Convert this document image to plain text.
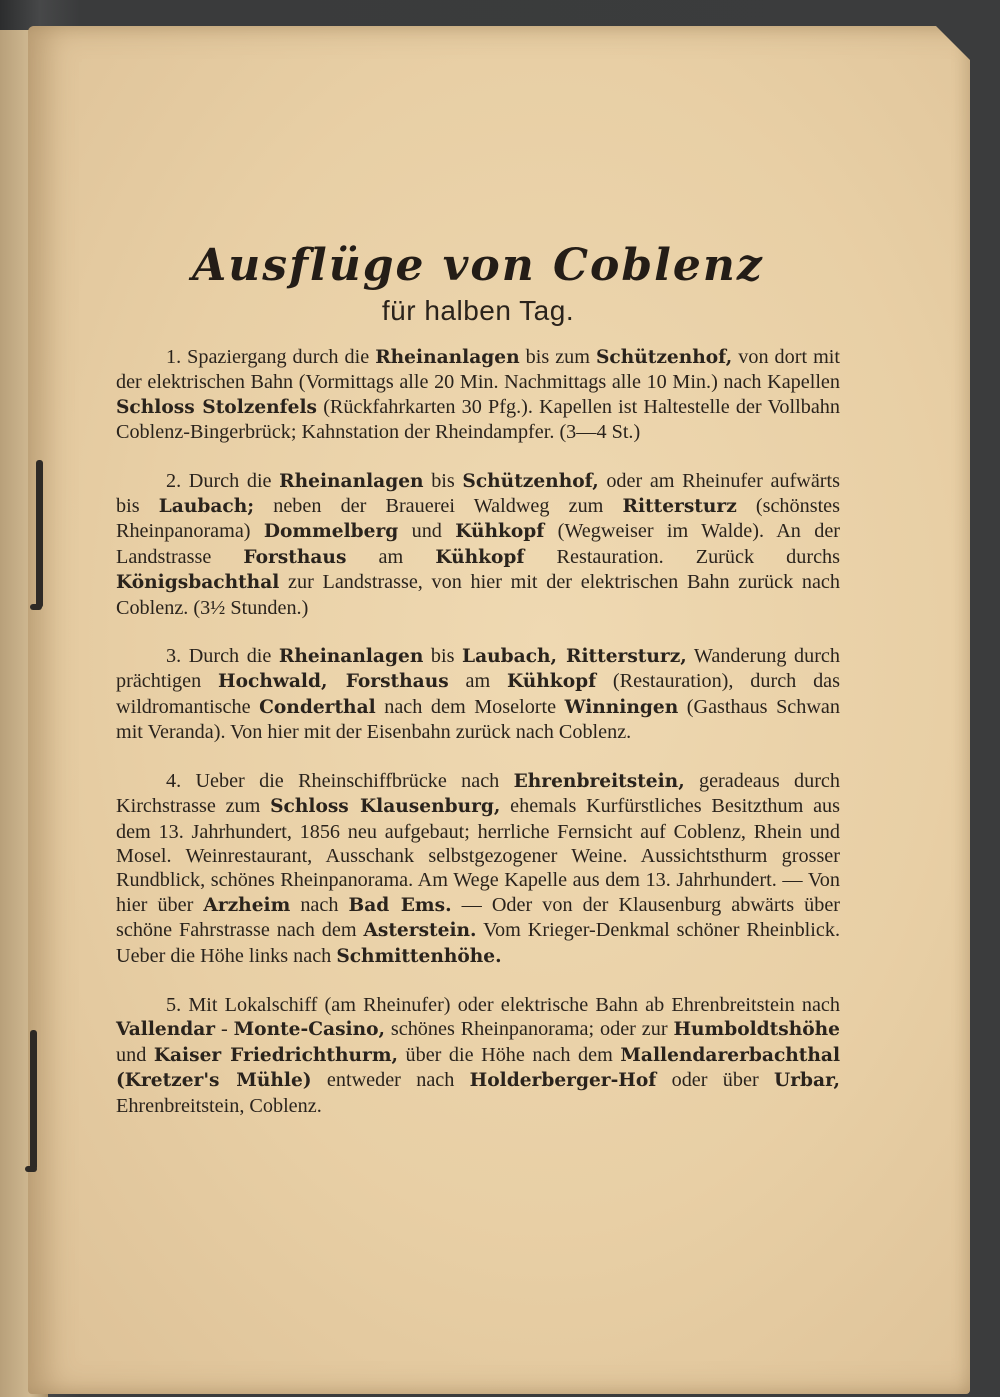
Ausflüge von Coblenz
für halben Tag.

1. Spaziergang durch die Rheinanlagen bis zum Schützenhof, von dort mit der elektrischen Bahn (Vormittags alle 20 Min. Nachmittags alle 10 Min.) nach Kapellen Schloss Stolzenfels (Rückfahrkarten 30 Pfg.). Kapellen ist Haltestelle der Vollbahn Coblenz-Bingerbrück; Kahnstation der Rheindampfer. (3—4 St.)

2. Durch die Rheinanlagen bis Schützenhof, oder am Rheinufer aufwärts bis Laubach; neben der Brauerei Waldweg zum Rittersturz (schönstes Rheinpanorama) Dommelberg und Kühkopf (Wegweiser im Walde). An der Landstrasse Forsthaus am Kühkopf Restauration. Zurück durchs Königsbachthal zur Landstrasse, von hier mit der elektrischen Bahn zurück nach Coblenz. (3½ Stunden.)

3. Durch die Rheinanlagen bis Laubach, Rittersturz, Wanderung durch prächtigen Hochwald, Forsthaus am Kühkopf (Restauration), durch das wildromantische Conderthal nach dem Moselorte Winningen (Gasthaus Schwan mit Veranda). Von hier mit der Eisenbahn zurück nach Coblenz.

4. Ueber die Rheinschiffbrücke nach Ehrenbreitstein, geradeaus durch Kirchstrasse zum Schloss Klausenburg, ehemals Kurfürstliches Besitzthum aus dem 13. Jahrhundert, 1856 neu aufgebaut; herrliche Fernsicht auf Coblenz, Rhein und Mosel. Weinrestaurant, Ausschank selbstgezogener Weine. Aussichtsthurm grosser Rundblick, schönes Rheinpanorama. Am Wege Kapelle aus dem 13. Jahrhundert. — Von hier über Arzheim nach Bad Ems. — Oder von der Klausenburg abwärts über schöne Fahrstrasse nach dem Asterstein. Vom Krieger-Denkmal schöner Rheinblick. Ueber die Höhe links nach Schmittenhöhe.

5. Mit Lokalschiff (am Rheinufer) oder elektrische Bahn ab Ehrenbreitstein nach Vallendar - Monte-Casino, schönes Rheinpanorama; oder zur Humboldtshöhe und Kaiser Friedrichthurm, über die Höhe nach dem Mallendarerbachthal (Kretzer's Mühle) entweder nach Holderberger-Hof oder über Urbar, Ehrenbreitstein, Coblenz.
